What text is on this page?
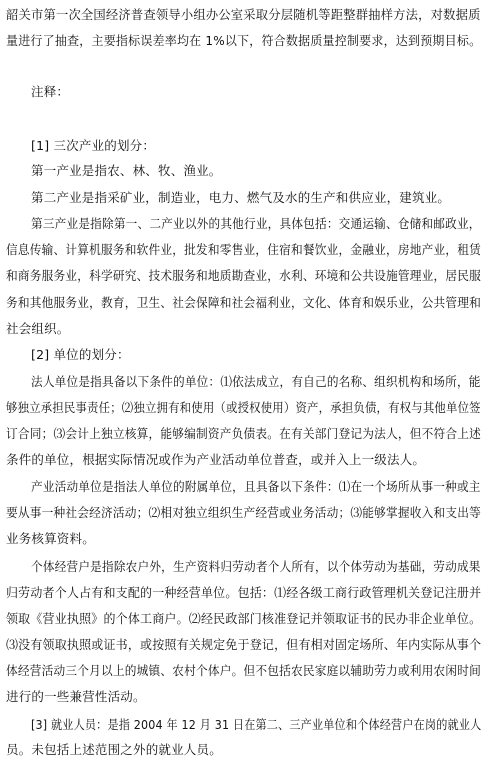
韶关市第一次全国经济普查领导小组办公室采取分层随机等距整群抽样方法，对数据质
量进行了抽查，主要指标误差率均在 1%以下，符合数据质量控制要求，达到预期目标。
注释：
[1] 三次产业的划分：
第一产业是指农、林、牧、渔业。
第二产业是指采矿业，制造业，电力、燃气及水的生产和供应业，建筑业。
第三产业是指除第一、二产业以外的其他行业，具体包括：交通运输、仓储和邮政业，
信息传输、计算机服务和软件业，批发和零售业，住宿和餐饮业，金融业，房地产业，租赁
和商务服务业，科学研究、技术服务和地质勘查业，水利、环境和公共设施管理业，居民服
务和其他服务业，教育，卫生、社会保障和社会福利业，文化、体育和娱乐业，公共管理和
社会组织。
[2] 单位的划分：
法人单位是指具备以下条件的单位：⑴依法成立，有自己的名称、组织机构和场所，能
够独立承担民事责任；⑵独立拥有和使用（或授权使用）资产，承担负债，有权与其他单位签
订合同；⑶会计上独立核算，能够编制资产负债表。在有关部门登记为法人，但不符合上述
条件的单位，根据实际情况或作为产业活动单位普查，或并入上一级法人。
产业活动单位是指法人单位的附属单位，且具备以下条件：⑴在一个场所从事一种或主
要从事一种社会经济活动；⑵相对独立组织生产经营或业务活动；⑶能够掌握收入和支出等
业务核算资料。
个体经营户是指除农户外，生产资料归劳动者个人所有，以个体劳动为基础，劳动成果
归劳动者个人占有和支配的一种经营单位。包括：⑴经各级工商行政管理机关登记注册并
领取《营业执照》的个体工商户。⑵经民政部门核准登记并领取证书的民办非企业单位。
⑶没有领取执照或证书，或按照有关规定免于登记，但有相对固定场所、年内实际从事个
体经营活动三个月以上的城镇、农村个体户。但不包括农民家庭以辅助劳力或利用农闲时间
进行的一些兼营性活动。
[3] 就业人员：是指 2004 年 12 月 31 日在第二、三产业单位和个体经营户在岗的就业人
员。未包括上述范围之外的就业人员。
